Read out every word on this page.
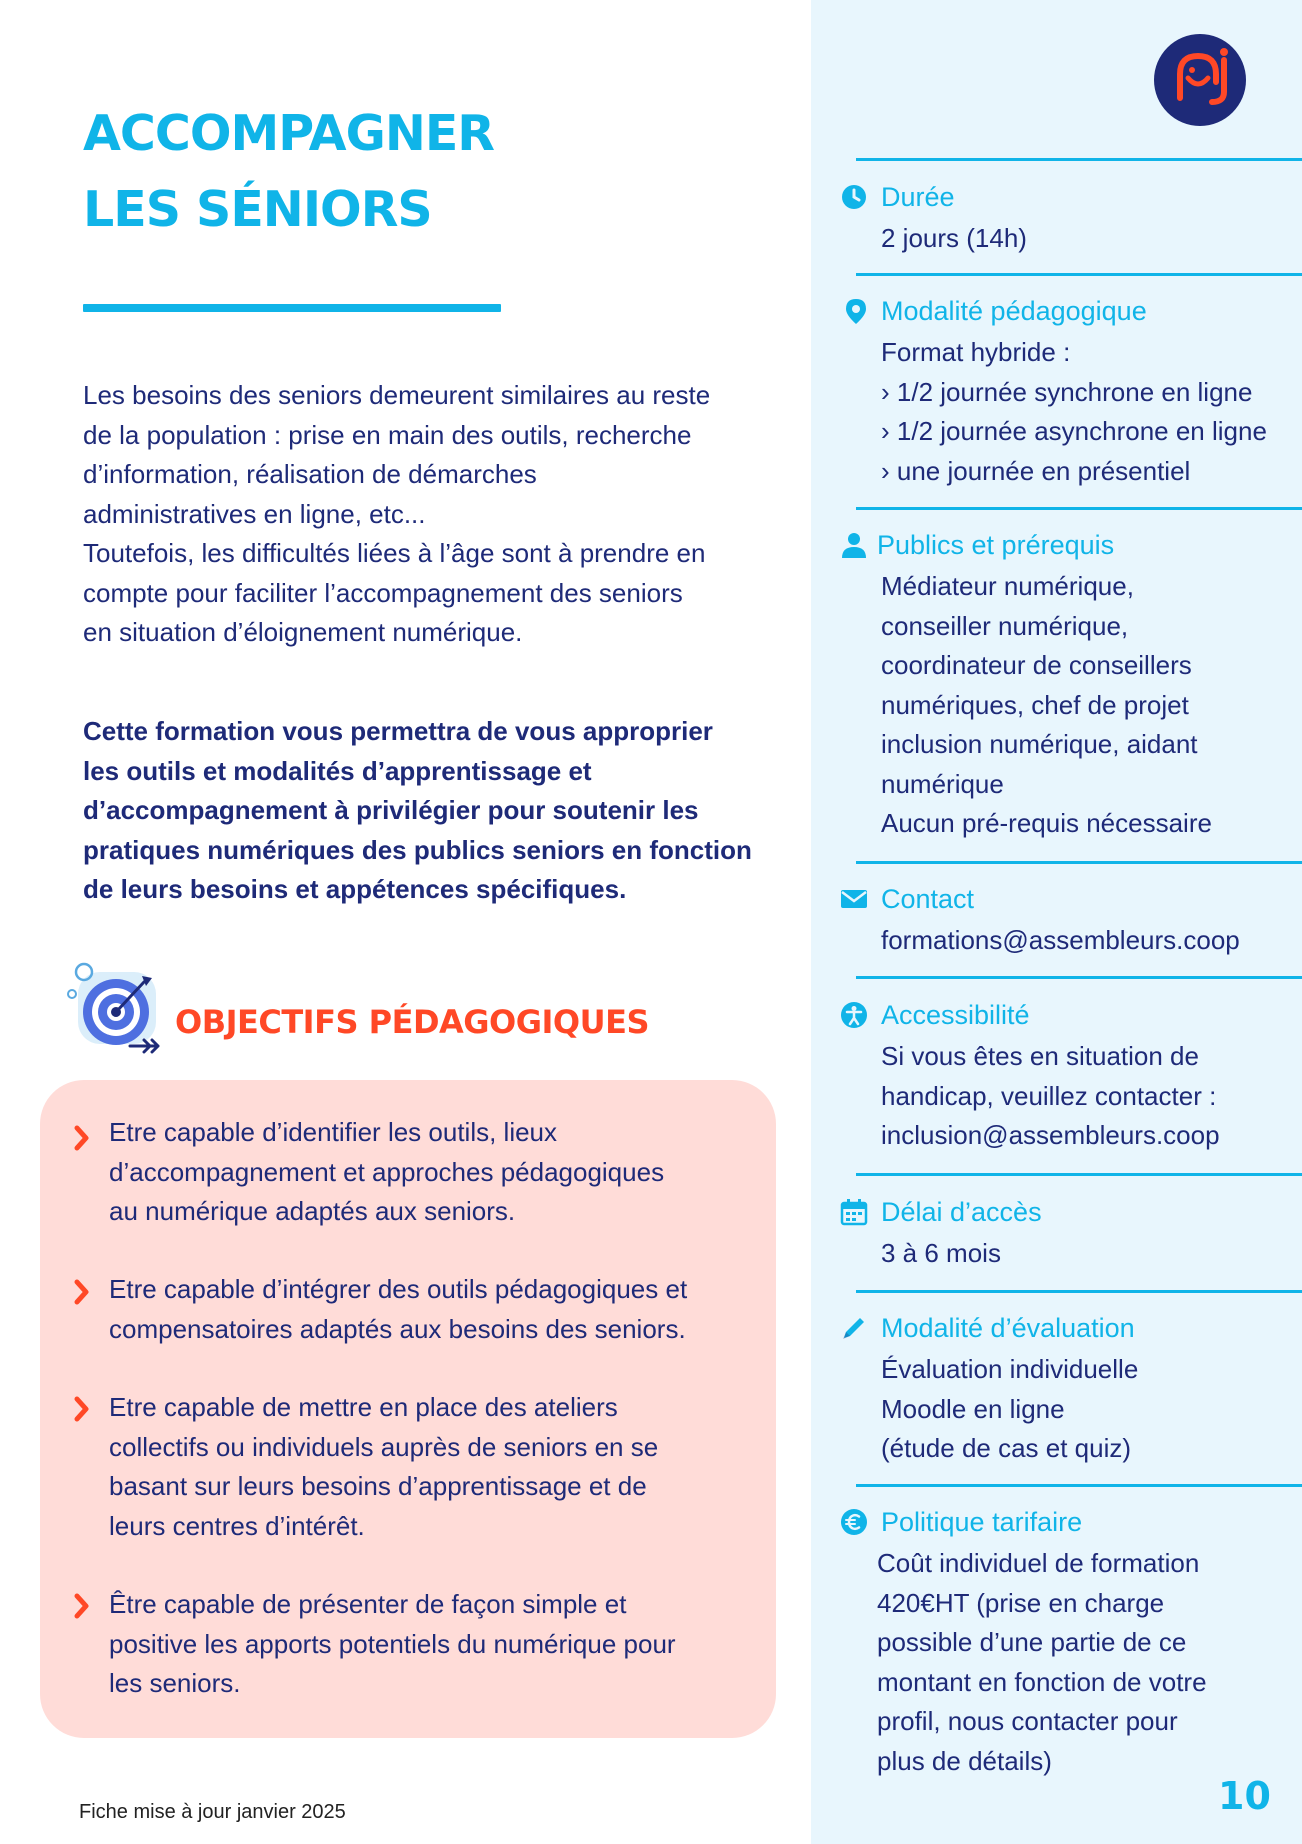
ACCOMPAGNER
LES SÉNIORS
Les besoins des seniors demeurent similaires au reste
de la population : prise en main des outils, recherche
d’information, réalisation de démarches
administratives en ligne, etc...
Toutefois, les difficultés liées à l’âge sont à prendre en
compte pour faciliter l’accompagnement des seniors
en situation d’éloignement numérique.
Cette formation vous permettra de vous approprier
les outils et modalités d’apprentissage et
d’accompagnement à privilégier pour soutenir les
pratiques numériques des publics seniors en fonction
de leurs besoins et appétences spécifiques.
OBJECTIFS PÉDAGOGIQUES
Etre capable d’identifier les outils, lieux
d’accompagnement et approches pédagogiques
au numérique adaptés aux seniors.
Etre capable d’intégrer des outils pédagogiques et
compensatoires adaptés aux besoins des seniors.
Etre capable de mettre en place des ateliers
collectifs ou individuels auprès de seniors en se
basant sur leurs besoins d’apprentissage et de
leurs centres d’intérêt.
Être capable de présenter de façon simple et
positive les apports potentiels du numérique pour
les seniors.
Fiche mise à jour janvier 2025
Durée
2 jours (14h)
Modalité pédagogique
Format hybride :
› 1/2 journée synchrone en ligne
› 1/2 journée asynchrone en ligne
› une journée en présentiel
Publics et prérequis
Médiateur numérique,
conseiller numérique,
coordinateur de conseillers
numériques, chef de projet
inclusion numérique, aidant
numérique
Aucun pré-requis nécessaire
Contact
formations@assembleurs.coop
Accessibilité
Si vous êtes en situation de
handicap, veuillez contacter :
inclusion@assembleurs.coop
Délai d’accès
3 à 6 mois
Modalité d’évaluation
Évaluation individuelle
Moodle en ligne
(étude de cas et quiz)
Politique tarifaire
Coût individuel de formation
420€HT (prise en charge
possible d’une partie de ce
montant en fonction de votre
profil, nous contacter pour
plus de détails)
10
